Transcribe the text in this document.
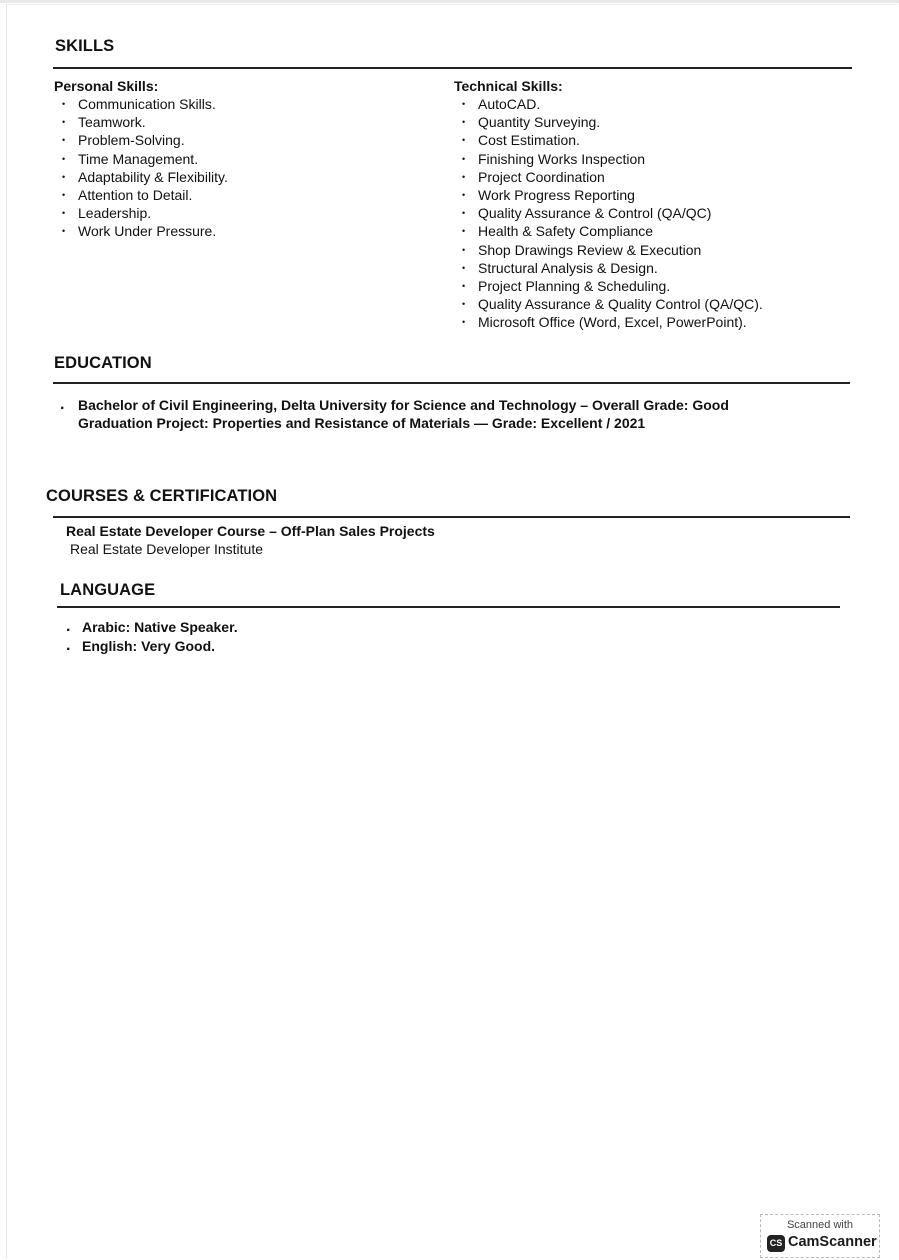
SKILLS
Personal Skills:
• Communication Skills.
• Teamwork.
• Problem-Solving.
• Time Management.
• Adaptability & Flexibility.
• Attention to Detail.
• Leadership.
• Work Under Pressure.
Technical Skills:
• AutoCAD.
• Quantity Surveying.
• Cost Estimation.
• Finishing Works Inspection
• Project Coordination
• Work Progress Reporting
• Quality Assurance & Control (QA/QC)
• Health & Safety Compliance
• Shop Drawings Review & Execution
• Structural Analysis & Design.
• Project Planning & Scheduling.
• Quality Assurance & Quality Control (QA/QC).
• Microsoft Office (Word, Excel, PowerPoint).
EDUCATION
. Bachelor of Civil Engineering, Delta University for Science and Technology – Overall Grade: Good
Graduation Project: Properties and Resistance of Materials — Grade: Excellent / 2021
COURSES & CERTIFICATION
Real Estate Developer Course – Off-Plan Sales Projects
Real Estate Developer Institute
LANGUAGE
. Arabic: Native Speaker.
. English: Very Good.
Scanned with
CS CamScanner
